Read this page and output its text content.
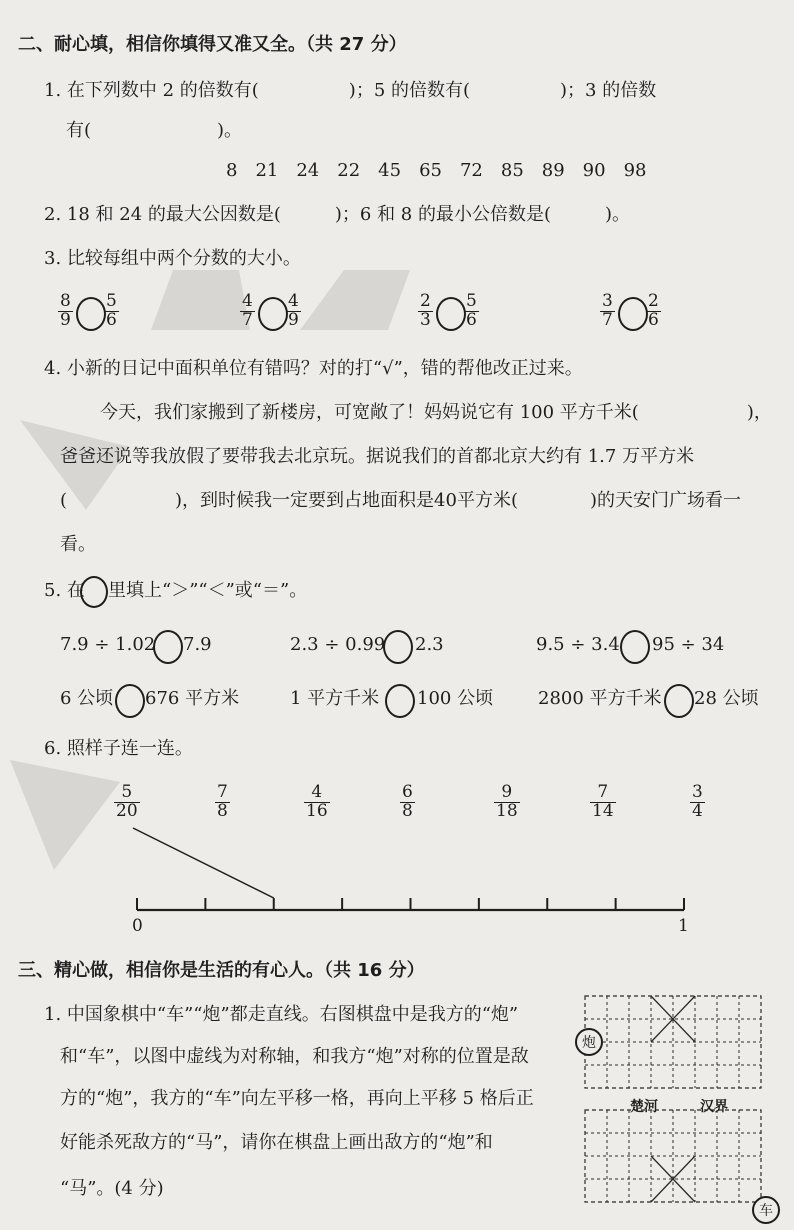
二、耐心填，相信你填得又准又全。（共 27 分）
1. 在下列数中 2 的倍数有(　　　　　)；5 的倍数有(　　　　　)；3 的倍数
有(　　　　　　　)。
8　21　24　22　45　65　72　85　89　90　98
2. 18 和 24 的最大公因数是(　　　)；6 和 8 的最小公倍数是(　　　)。
3. 比较每组中两个分数的大小。
$\frac{8}{9} \frac{5}{6}$	$\frac{4}{7} \frac{4}{9}$	$\frac{2}{3} \frac{5}{6}$	$\frac{3}{7} \frac{2}{6}$
4. 小新的日记中面积单位有错吗？对的打“√”，错的帮他改正过来。
今天，我们家搬到了新楼房，可宽敞了！妈妈说它有 100 平方千米(　　　　　　)，
爸爸还说等我放假了要带我去北京玩。据说我们的首都北京大约有 1.7 万平方米
(　　　　　　)，到时候我一定要到占地面积是40平方米(　　　　)的天安门广场看一
看。
5. 在 里填上“＞”“＜”或“＝”。
7.9 ÷ 1.02 7.9	2.3 ÷ 0.99 2.3	9.5 ÷ 3.4 95 ÷ 34
6 公顷 676 平方米	1 平方千米 100 公顷 2800 平方千米 28 公顷
6. 照样子连一连。
$\frac{5}{20}$	$\frac{7}{8}$	$\frac{4}{16}$	$\frac{6}{8}$	$\frac{9}{18}$	$\frac{7}{14}$	$\frac{3}{4}$
0	1
三、精心做，相信你是生活的有心人。（共 16 分）
1. 中国象棋中“车”“炮”都走直线。右图棋盘中是我方的“炮”
和“车”，以图中虚线为对称轴，和我方“炮”对称的位置是敌
方的“炮”，我方的“车”向左平移一格，再向上平移 5 格后正
好能杀死敌方的“马”，请你在棋盘上画出敌方的“炮”和
“马”。(4 分)
楚河	汉界
炮
车
